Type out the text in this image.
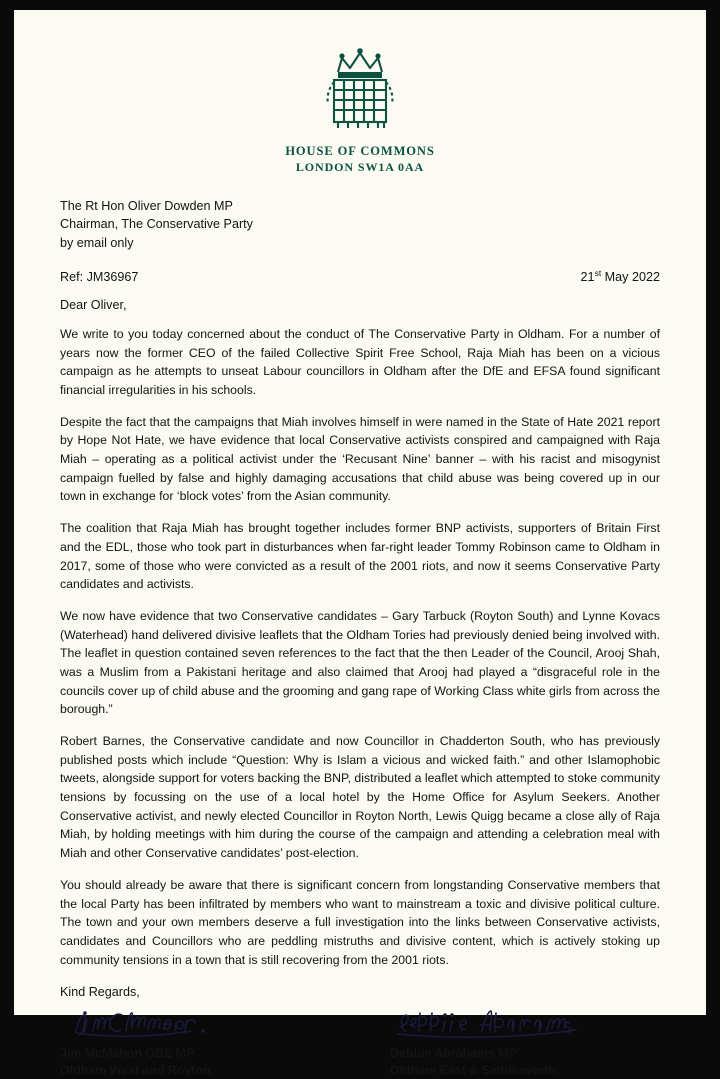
HOUSE OF COMMONS
LONDON SW1A 0AA
The Rt Hon Oliver Dowden MP
Chairman, The Conservative Party
by email only
Ref: JM36967	21st May 2022
Dear Oliver,

We write to you today concerned about the conduct of The Conservative Party in Oldham. For a number of years now the former CEO of the failed Collective Spirit Free School, Raja Miah has been on a vicious campaign as he attempts to unseat Labour councillors in Oldham after the DfE and EFSA found significant financial irregularities in his schools.

Despite the fact that the campaigns that Miah involves himself in were named in the State of Hate 2021 report by Hope Not Hate, we have evidence that local Conservative activists conspired and campaigned with Raja Miah – operating as a political activist under the ‘Recusant Nine’ banner – with his racist and misogynist campaign fuelled by false and highly damaging accusations that child abuse was being covered up in our town in exchange for ‘block votes’ from the Asian community.

The coalition that Raja Miah has brought together includes former BNP activists, supporters of Britain First and the EDL, those who took part in disturbances when far-right leader Tommy Robinson came to Oldham in 2017, some of those who were convicted as a result of the 2001 riots, and now it seems Conservative Party candidates and activists.

We now have evidence that two Conservative candidates – Gary Tarbuck (Royton South) and Lynne Kovacs (Waterhead) hand delivered divisive leaflets that the Oldham Tories had previously denied being involved with. The leaflet in question contained seven references to the fact that the then Leader of the Council, Arooj Shah, was a Muslim from a Pakistani heritage and also claimed that Arooj had played a “disgraceful role in the councils cover up of child abuse and the grooming and gang rape of Working Class white girls from across the borough.”

Robert Barnes, the Conservative candidate and now Councillor in Chadderton South, who has previously published posts which include “Question: Why is Islam a vicious and wicked faith.” and other Islamophobic tweets, alongside support for voters backing the BNP, distributed a leaflet which attempted to stoke community tensions by focussing on the use of a local hotel by the Home Office for Asylum Seekers. Another Conservative activist, and newly elected Councillor in Royton North, Lewis Quigg became a close ally of Raja Miah, by holding meetings with him during the course of the campaign and attending a celebration meal with Miah and other Conservative candidates’ post-election.

You should already be aware that there is significant concern from longstanding Conservative members that the local Party has been infiltrated by members who want to mainstream a toxic and divisive political culture. The town and your own members deserve a full investigation into the links between Conservative activists, candidates and Councillors who are peddling mistruths and divisive content, which is actively stoking up community tensions in a town that is still recovering from the 2001 riots.

Kind Regards,
Jim McMahon OBE MP
Oldham West and Royton
Debbie Abrahams MP
Oldham East & Saddleworth
